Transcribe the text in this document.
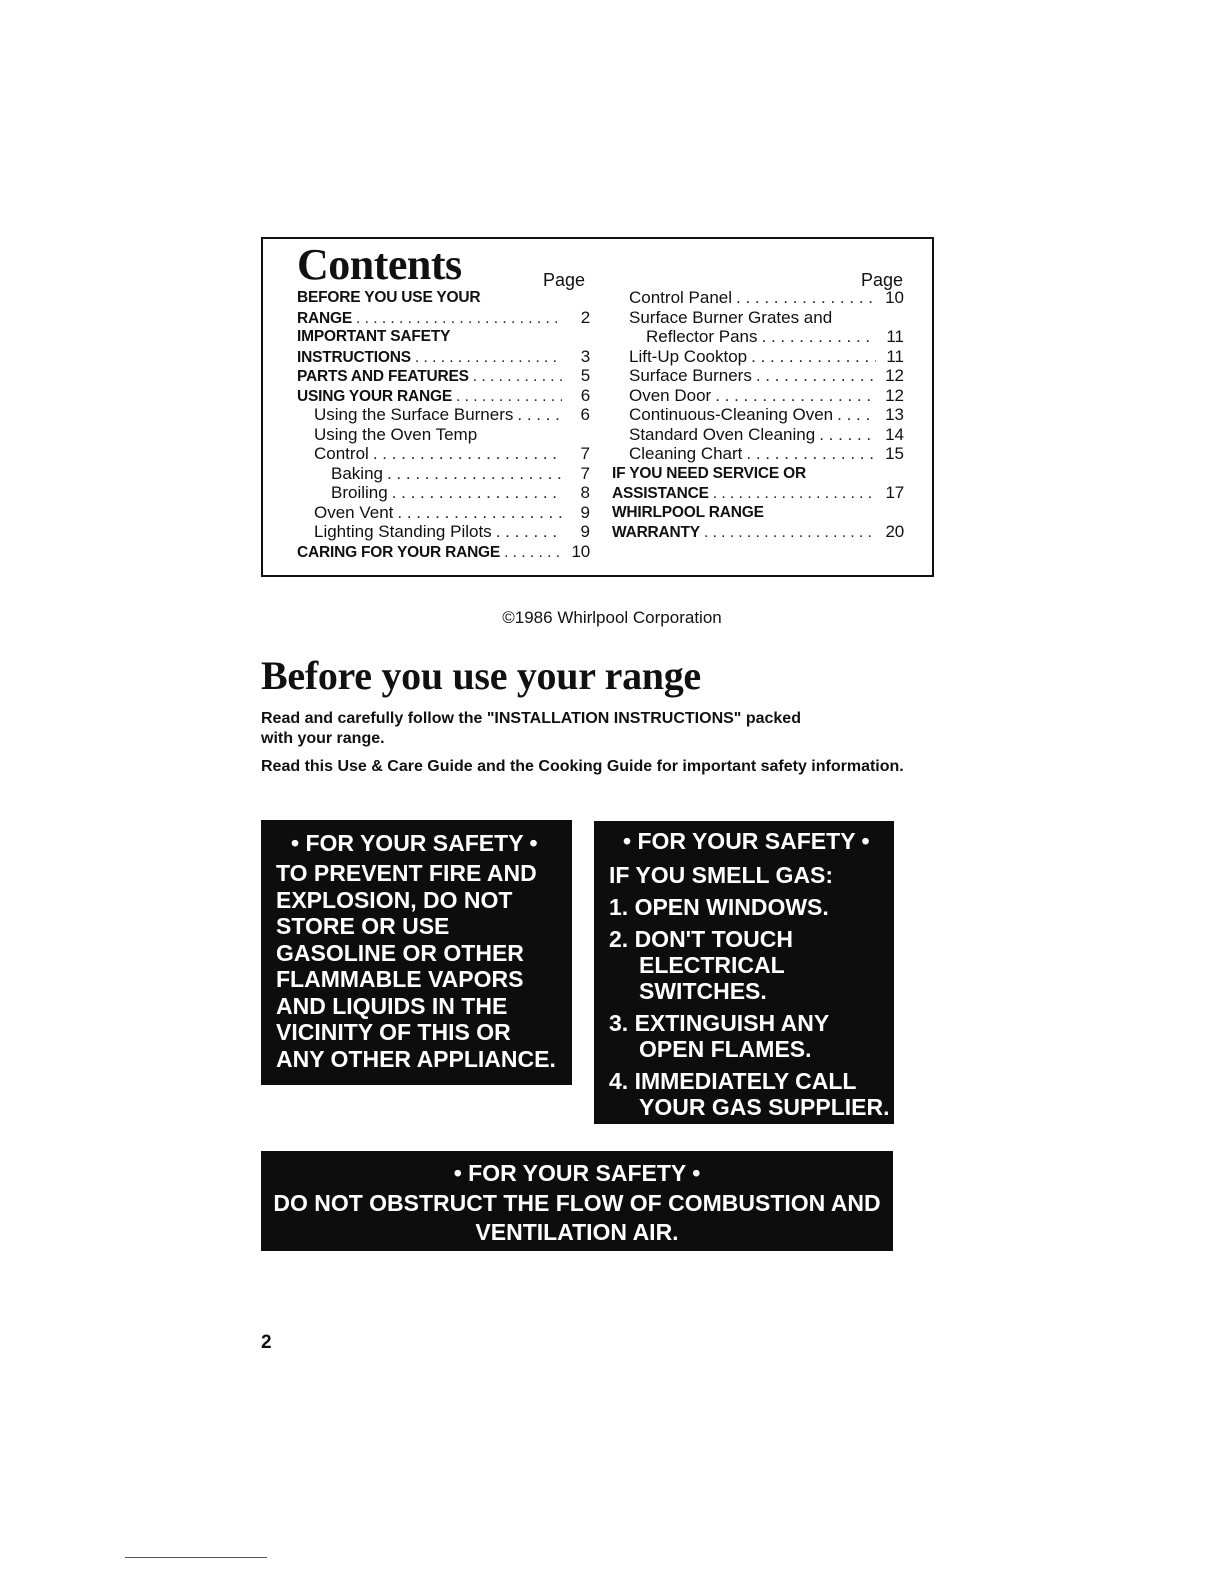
Contents	Page	Page
BEFORE YOU USE YOUR
RANGE . . .	2
IMPORTANT SAFETY
INSTRUCTIONS . . .	3
PARTS AND FEATURES . . .	5
USING YOUR RANGE . . .	6
Using the Surface Burners . . .	6
Using the Oven Temp
Control . . .	7
Baking . . .	7
Broiling . . .	8
Oven Vent . . .	9
Lighting Standing Pilots . . .	9
CARING FOR YOUR RANGE . . .	10
Control Panel . . .	10
Surface Burner Grates and
Reflector Pans . . .	11
Lift-Up Cooktop . . .	11
Surface Burners . . .	12
Oven Door . . .	12
Continuous-Cleaning Oven . . .	13
Standard Oven Cleaning . . .	14
Cleaning Chart . . .	15
IF YOU NEED SERVICE OR
ASSISTANCE . . .	17
WHIRLPOOL RANGE
WARRANTY . . .	20
©1986 Whirlpool Corporation
Before you use your range
Read and carefully follow the "INSTALLATION INSTRUCTIONS" packed with your range.
Read this Use & Care Guide and the Cooking Guide for important safety information.
• FOR YOUR SAFETY •
TO PREVENT FIRE AND
EXPLOSION, DO NOT
STORE OR USE
GASOLINE OR OTHER
FLAMMABLE VAPORS
AND LIQUIDS IN THE
VICINITY OF THIS OR
ANY OTHER APPLIANCE.
• FOR YOUR SAFETY •
IF YOU SMELL GAS:
1. OPEN WINDOWS.
2. DON'T TOUCH
ELECTRICAL
SWITCHES.
3. EXTINGUISH ANY
OPEN FLAMES.
4. IMMEDIATELY CALL
YOUR GAS SUPPLIER.
• FOR YOUR SAFETY •
DO NOT OBSTRUCT THE FLOW OF COMBUSTION AND
VENTILATION AIR.
2
